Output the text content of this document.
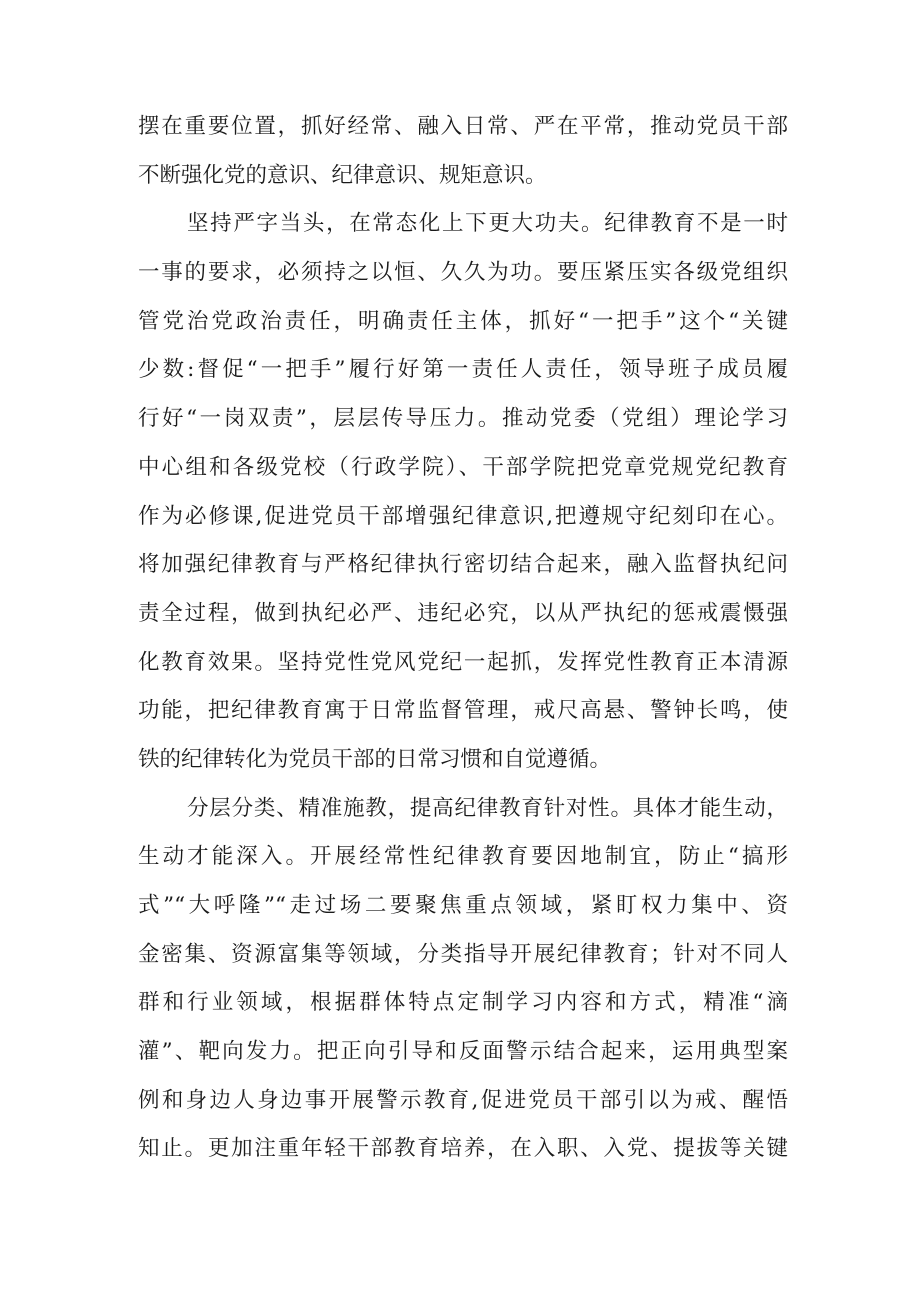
摆在重要位置，抓好经常、融入日常、严在平常，推动党员干部
不断强化党的意识、纪律意识、规矩意识。
坚持严字当头，在常态化上下更大功夫。纪律教育不是一时
一事的要求，必须持之以恒、久久为功。要压紧压实各级党组织
管党治党政治责任，明确责任主体，抓好“一把手”这个“关键
少数:督促“一把手”履行好第一责任人责任，领导班子成员履
行好“一岗双责”，层层传导压力。推动党委（党组）理论学习
中心组和各级党校（行政学院）、干部学院把党章党规党纪教育
作为必修课,促进党员干部增强纪律意识,把遵规守纪刻印在心。
将加强纪律教育与严格纪律执行密切结合起来，融入监督执纪问
责全过程，做到执纪必严、违纪必究，以从严执纪的惩戒震慑强
化教育效果。坚持党性党风党纪一起抓，发挥党性教育正本清源
功能，把纪律教育寓于日常监督管理，戒尺高悬、警钟长鸣，使
铁的纪律转化为党员干部的日常习惯和自觉遵循。
分层分类、精准施教，提高纪律教育针对性。具体才能生动，
生动才能深入。开展经常性纪律教育要因地制宜，防止“搞形
式”“大呼隆”“走过场二要聚焦重点领域，紧盯权力集中、资
金密集、资源富集等领域，分类指导开展纪律教育；针对不同人
群和行业领域，根据群体特点定制学习内容和方式，精准“滴
灌”、靶向发力。把正向引导和反面警示结合起来，运用典型案
例和身边人身边事开展警示教育,促进党员干部引以为戒、醒悟
知止。更加注重年轻干部教育培养，在入职、入党、提拔等关键
